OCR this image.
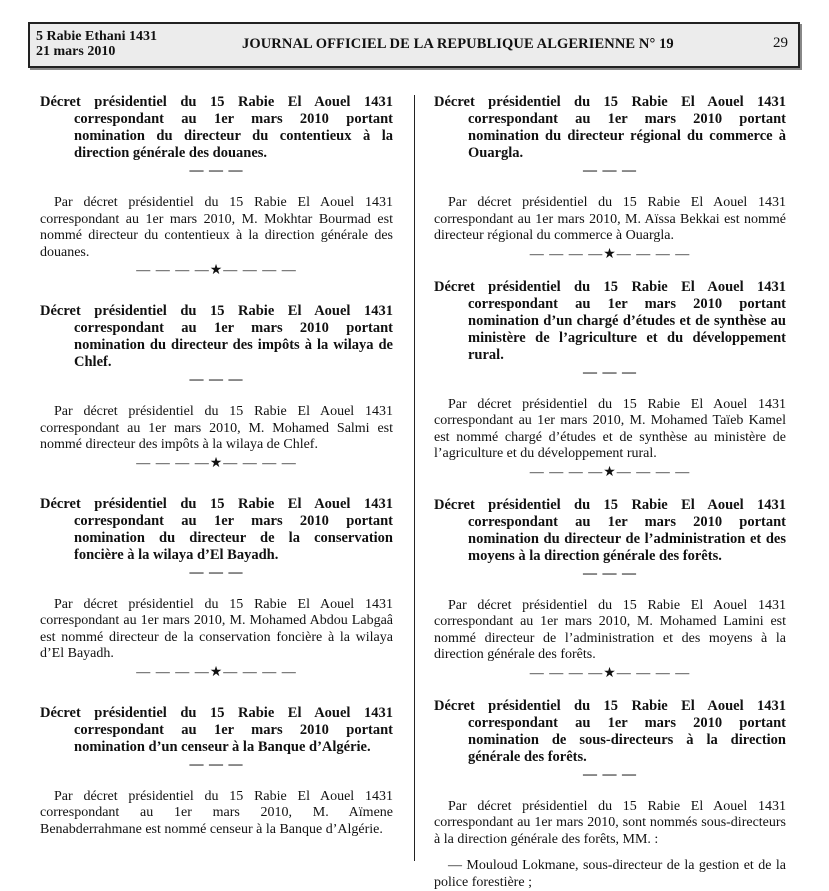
5 Rabie Ethani 1431
21 mars 2010	JOURNAL OFFICIEL DE LA REPUBLIQUE ALGERIENNE N° 19	29

Décret présidentiel du 15 Rabie El Aouel 1431 correspondant au 1er mars 2010 portant nomination du directeur du contentieux à la direction générale des douanes.

— — —

Par décret présidentiel du 15 Rabie El Aouel 1431 correspondant au 1er mars 2010, M. Mokhtar Bourmad est nommé directeur du contentieux à la direction générale des douanes.

— — — —★— — — —

Décret présidentiel du 15 Rabie El Aouel 1431 correspondant au 1er mars 2010 portant nomination du directeur des impôts à la wilaya de Chlef.

— — —

Par décret présidentiel du 15 Rabie El Aouel 1431 correspondant au 1er mars 2010, M. Mohamed Salmi est nommé directeur des impôts à la wilaya de Chlef.

— — — —★— — — —

Décret présidentiel du 15 Rabie El Aouel 1431 correspondant au 1er mars 2010 portant nomination du directeur de la conservation foncière à la wilaya d’El Bayadh.

— — —

Par décret présidentiel du 15 Rabie El Aouel 1431 correspondant au 1er mars 2010, M. Mohamed Abdou Labgaâ est nommé directeur de la conservation foncière à la wilaya d’El Bayadh.

— — — —★— — — —

Décret présidentiel du 15 Rabie El Aouel 1431 correspondant au 1er mars 2010 portant nomination d’un censeur à la Banque d’Algérie.

— — —

Par décret présidentiel du 15 Rabie El Aouel 1431 correspondant au 1er mars 2010, M. Aïmene Benabderrahmane est nommé censeur à la Banque d’Algérie.

Décret présidentiel du 15 Rabie El Aouel 1431 correspondant au 1er mars 2010 portant nomination du directeur régional du commerce à Ouargla.

— — —

Par décret présidentiel du 15 Rabie El Aouel 1431 correspondant au 1er mars 2010, M. Aïssa Bekkai est nommé directeur régional du commerce à Ouargla.

— — — —★— — — —

Décret présidentiel du 15 Rabie El Aouel 1431 correspondant au 1er mars 2010 portant nomination d’un chargé d’études et de synthèse au ministère de l’agriculture et du développement rural.

— — —

Par décret présidentiel du 15 Rabie El Aouel 1431 correspondant au 1er mars 2010, M. Mohamed Taïeb Kamel est nommé chargé d’études et de synthèse au ministère de l’agriculture et du développement rural.

— — — —★— — — —

Décret présidentiel du 15 Rabie El Aouel 1431 correspondant au 1er mars 2010 portant nomination du directeur de l’administration et des moyens à la direction générale des forêts.

— — —

Par décret présidentiel du 15 Rabie El Aouel 1431 correspondant au 1er mars 2010, M. Mohamed Lamini est nommé directeur de l’administration et des moyens à la direction générale des forêts.

— — — —★— — — —

Décret présidentiel du 15 Rabie El Aouel 1431 correspondant au 1er mars 2010 portant nomination de sous-directeurs à la direction générale des forêts.

— — —

Par décret présidentiel du 15 Rabie El Aouel 1431 correspondant au 1er mars 2010, sont nommés sous-directeurs à la direction générale des forêts, MM. :

— Mouloud Lokmane, sous-directeur de la gestion et de la police forestière ;
